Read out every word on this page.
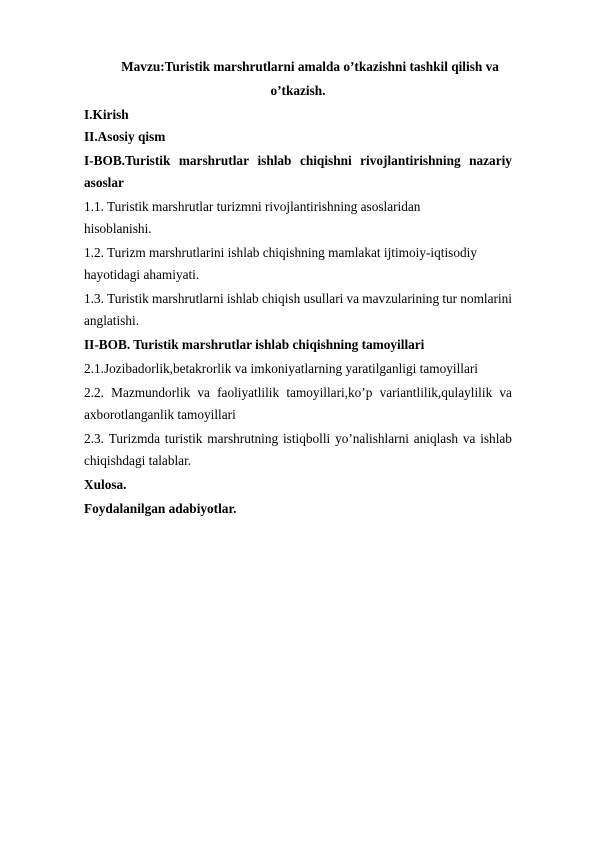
Mavzu:Turistik marshrutlarni amalda o’tkazishni tashkil qilish va
o’tkazish.
I.Kirish
II.Asosiy qism
I-BOB.Turistik marshrutlar ishlab chiqishni rivojlantirishning nazariy
asoslar
1.1. Turistik marshrutlar turizmni rivojlantirishning asoslaridan
hisoblanishi.
1.2. Turizm marshrutlarini ishlab chiqishning mamlakat ijtimoiy-iqtisodiy
hayotidagi ahamiyati.
1.3. Turistik marshrutlarni ishlab chiqish usullari va mavzularining tur nomlarini
anglatishi.
II-BOB. Turistik marshrutlar ishlab chiqishning tamoyillari
2.1.Jozibadorlik,betakrorlik va imkoniyatlarning yaratilganligi tamoyillari
2.2. Mazmundorlik va faoliyatlilik tamoyillari,ko’p variantlilik,qulaylilik va
axborotlanganlik tamoyillari
2.3. Turizmda turistik marshrutning istiqbolli yo’nalishlarni aniqlash va ishlab
chiqishdagi talablar.
Xulosa.
Foydalanilgan adabiyotlar.
